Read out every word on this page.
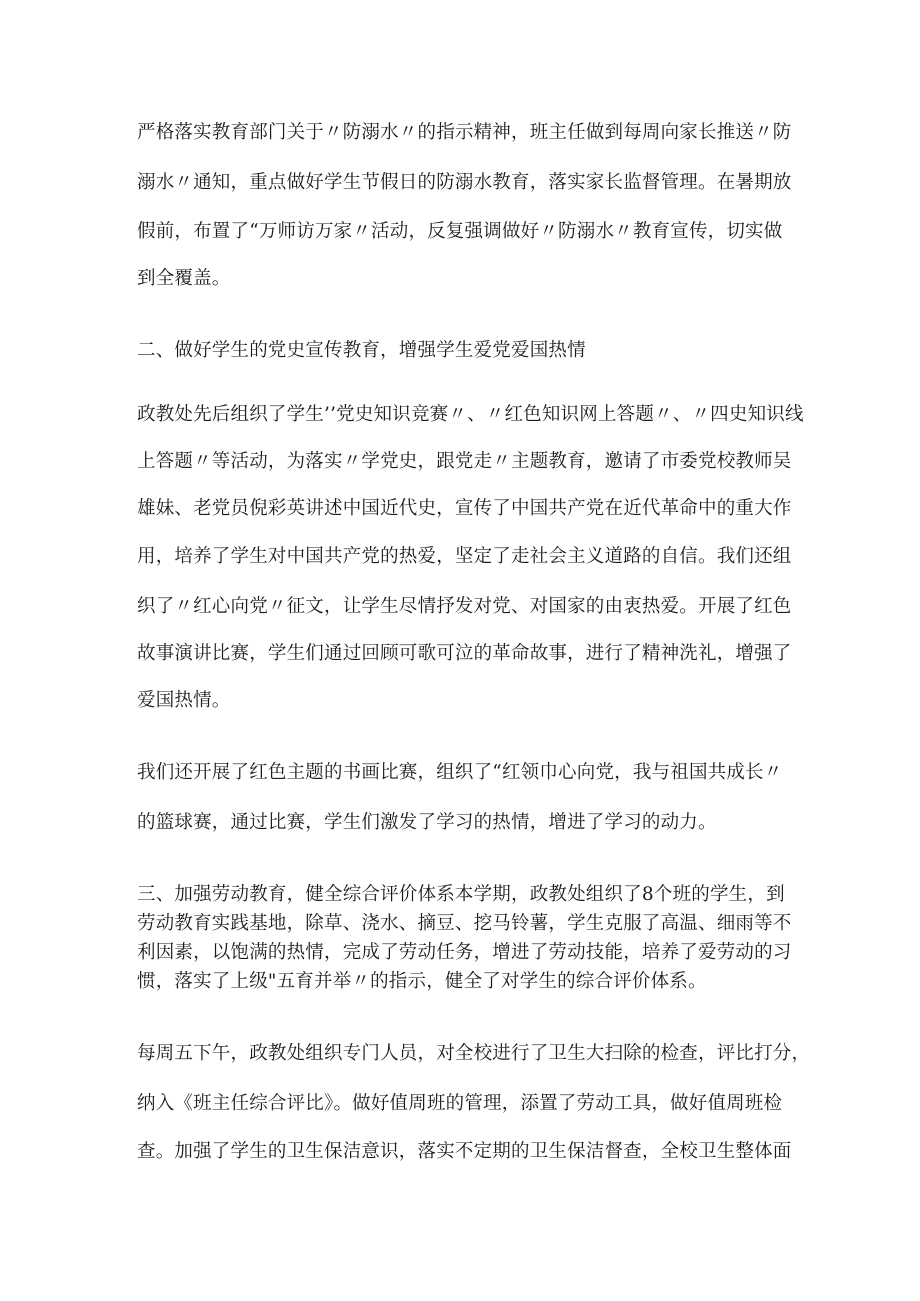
严格落实教育部门关于〃防溺水〃的指示精神，班主任做到每周向家长推送〃防
溺水〃通知，重点做好学生节假日的防溺水教育，落实家长监督管理。在暑期放
假前，布置了“万师访万家〃活动，反复强调做好〃防溺水〃教育宣传，切实做
到全覆盖。
二、做好学生的党史宣传教育，增强学生爱党爱国热情
政教处先后组织了学生’’党史知识竞赛〃、〃红色知识网上答题〃、〃四史知识线
上答题〃等活动，为落实〃学党史，跟党走〃主题教育，邀请了市委党校教师吴
雄妹、老党员倪彩英讲述中国近代史，宣传了中国共产党在近代革命中的重大作
用，培养了学生对中国共产党的热爱，坚定了走社会主义道路的自信。我们还组
织了〃红心向党〃征文，让学生尽情抒发对党、对国家的由衷热爱。开展了红色
故事演讲比赛，学生们通过回顾可歌可泣的革命故事，进行了精神洗礼，增强了
爱国热情。
我们还开展了红色主题的书画比赛，组织了“红领巾心向党，我与祖国共成长〃
的篮球赛，通过比赛，学生们激发了学习的热情，增进了学习的动力。
三、加强劳动教育，健全综合评价体系本学期，政教处组织了8个班的学生，到
劳动教育实践基地，除草、浇水、摘豆、挖马铃薯，学生克服了高温、细雨等不
利因素，以饱满的热情，完成了劳动任务，增进了劳动技能，培养了爱劳动的习
惯，落实了上级"五育并举〃的指示，健全了对学生的综合评价体系。
每周五下午，政教处组织专门人员，对全校进行了卫生大扫除的检查，评比打分，
纳入《班主任综合评比》。做好值周班的管理，添置了劳动工具，做好值周班检
查。加强了学生的卫生保洁意识，落实不定期的卫生保洁督查，全校卫生整体面
